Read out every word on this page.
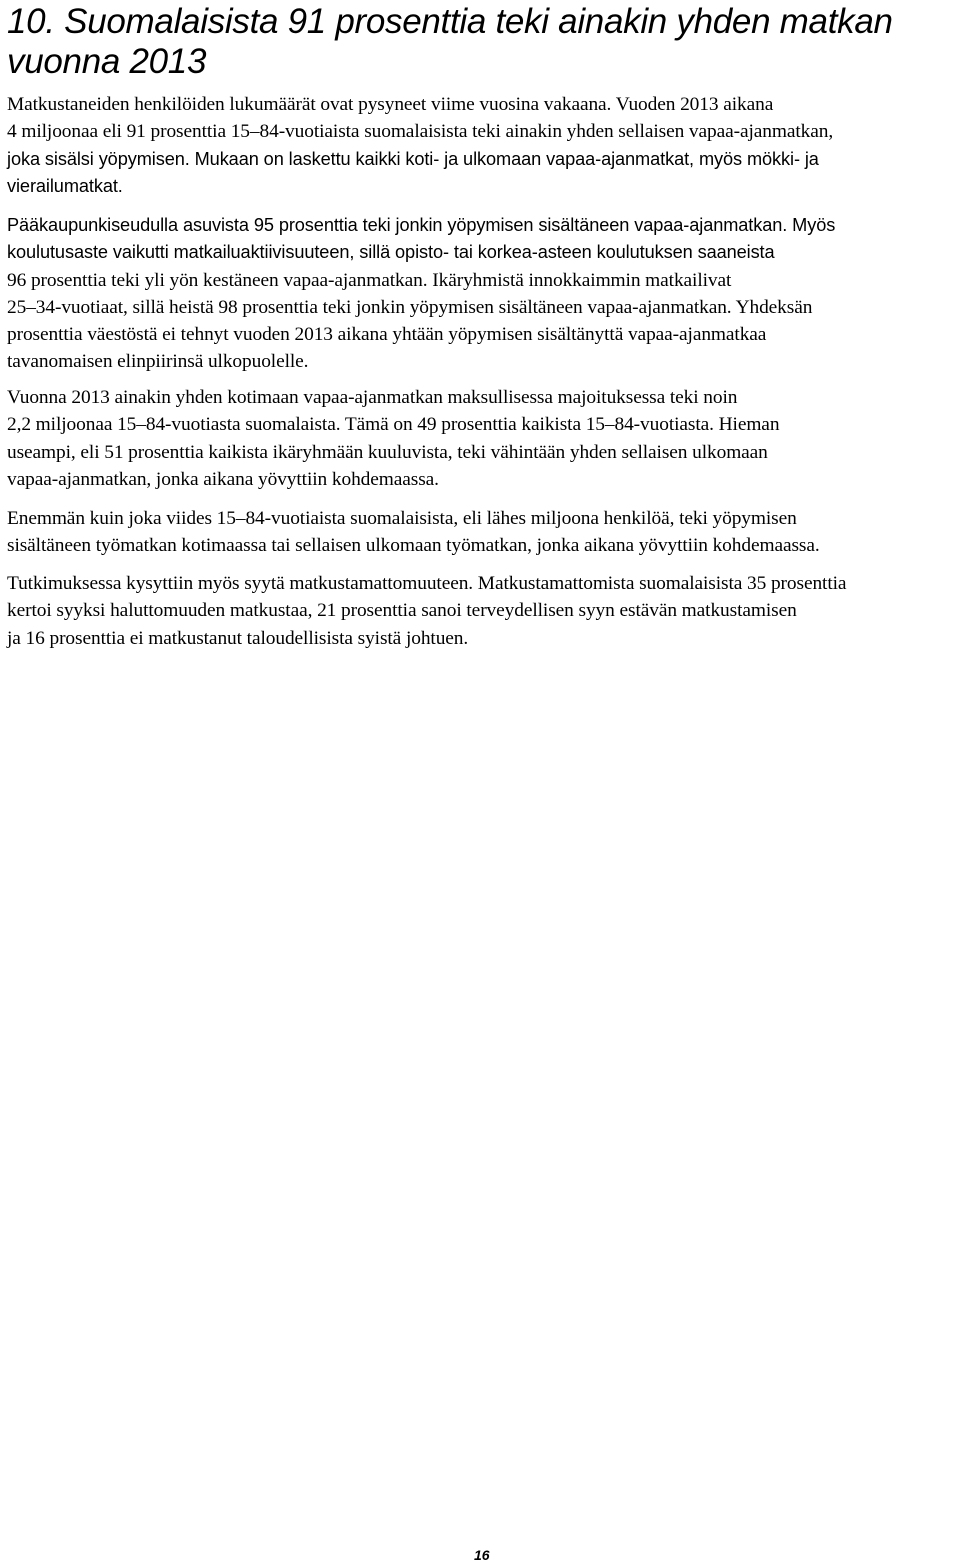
10. Suomalaisista 91 prosenttia teki ainakin yhden matkan
vuonna 2013

Matkustaneiden henkilöiden lukumäärät ovat pysyneet viime vuosina vakaana. Vuoden 2013 aikana
4 miljoonaa eli 91 prosenttia 15–84-vuotiaista suomalaisista teki ainakin yhden sellaisen vapaa-ajanmatkan,
joka sisälsi yöpymisen. Mukaan on laskettu kaikki koti- ja ulkomaan vapaa-ajanmatkat, myös mökki- ja
vierailumatkat.

Pääkaupunkiseudulla asuvista 95 prosenttia teki jonkin yöpymisen sisältäneen vapaa-ajanmatkan. Myös
koulutusaste vaikutti matkailuaktiivisuuteen, sillä opisto- tai korkea-asteen koulutuksen saaneista
96 prosenttia teki yli yön kestäneen vapaa-ajanmatkan. Ikäryhmistä innokkaimmin matkailivat
25–34-vuotiaat, sillä heistä 98 prosenttia teki jonkin yöpymisen sisältäneen vapaa-ajanmatkan. Yhdeksän
prosenttia väestöstä ei tehnyt vuoden 2013 aikana yhtään yöpymisen sisältänyttä vapaa-ajanmatkaa
tavanomaisen elinpiirinsä ulkopuolelle.

Vuonna 2013 ainakin yhden kotimaan vapaa-ajanmatkan maksullisessa majoituksessa teki noin
2,2 miljoonaa 15–84-vuotiasta suomalaista. Tämä on 49 prosenttia kaikista 15–84-vuotiasta. Hieman
useampi, eli 51 prosenttia kaikista ikäryhmään kuuluvista, teki vähintään yhden sellaisen ulkomaan
vapaa-ajanmatkan, jonka aikana yövyttiin kohdemaassa.

Enemmän kuin joka viides 15–84-vuotiaista suomalaisista, eli lähes miljoona henkilöä, teki yöpymisen
sisältäneen työmatkan kotimaassa tai sellaisen ulkomaan työmatkan, jonka aikana yövyttiin kohdemaassa.

Tutkimuksessa kysyttiin myös syytä matkustamattomuuteen. Matkustamattomista suomalaisista 35 prosenttia
kertoi syyksi haluttomuuden matkustaa, 21 prosenttia sanoi terveydellisen syyn estävän matkustamisen
ja 16 prosenttia ei matkustanut taloudellisista syistä johtuen.

16
